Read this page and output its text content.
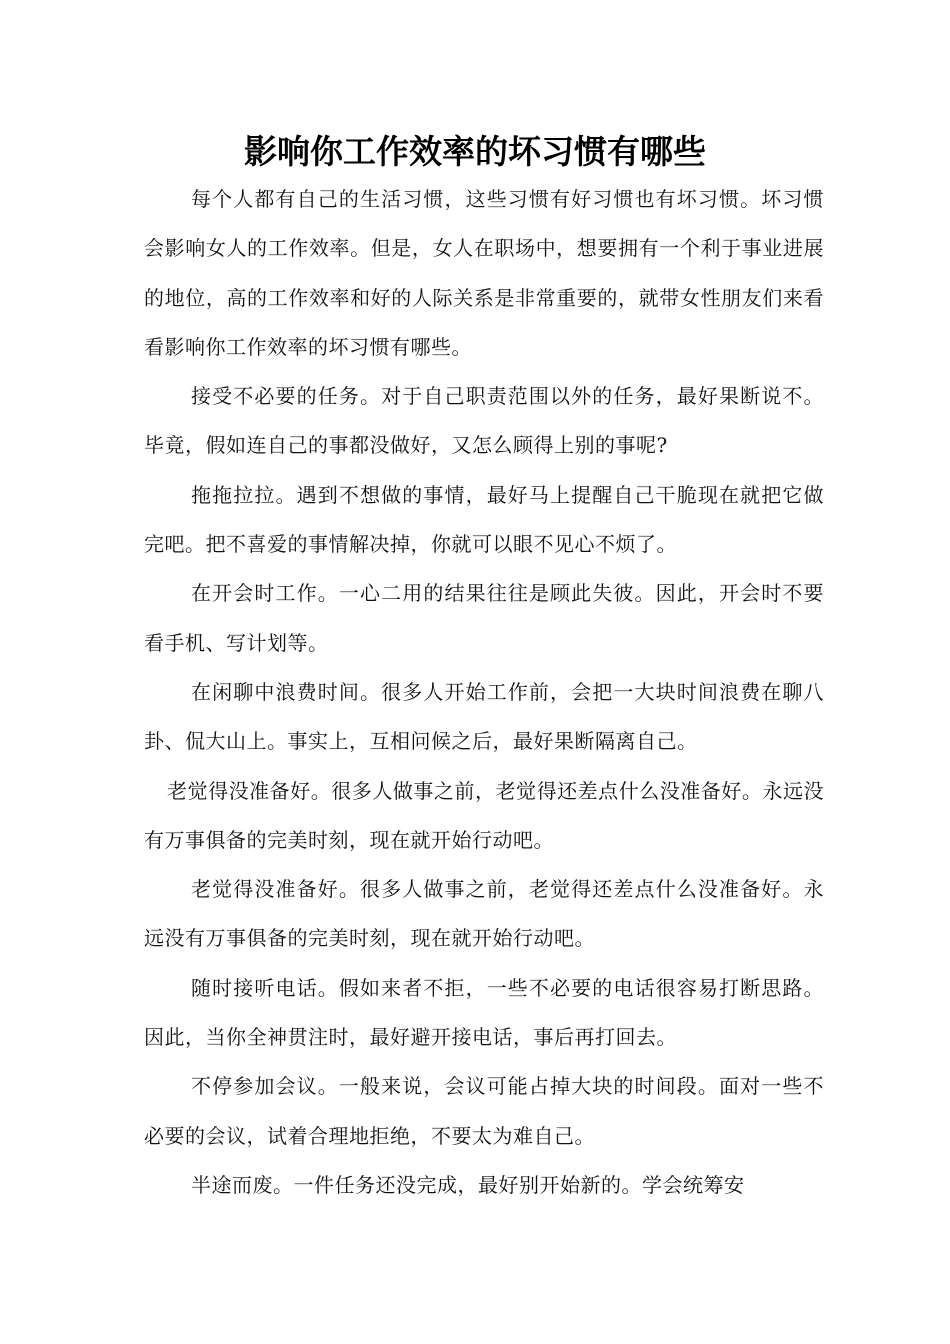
影响你工作效率的坏习惯有哪些

每个人都有自己的生活习惯，这些习惯有好习惯也有坏习惯。坏习惯会影响女人的工作效率。但是，女人在职场中，想要拥有一个利于事业进展的地位，高的工作效率和好的人际关系是非常重要的，就带女性朋友们来看看影响你工作效率的坏习惯有哪些。

接受不必要的任务。对于自己职责范围以外的任务，最好果断说不。毕竟，假如连自己的事都没做好，又怎么顾得上别的事呢?

拖拖拉拉。遇到不想做的事情，最好马上提醒自己干脆现在就把它做完吧。把不喜爱的事情解决掉，你就可以眼不见心不烦了。

在开会时工作。一心二用的结果往往是顾此失彼。因此，开会时不要看手机、写计划等。

在闲聊中浪费时间。很多人开始工作前，会把一大块时间浪费在聊八卦、侃大山上。事实上，互相问候之后，最好果断隔离自己。

老觉得没准备好。很多人做事之前，老觉得还差点什么没准备好。永远没有万事俱备的完美时刻，现在就开始行动吧。

老觉得没准备好。很多人做事之前，老觉得还差点什么没准备好。永远没有万事俱备的完美时刻，现在就开始行动吧。

随时接听电话。假如来者不拒，一些不必要的电话很容易打断思路。因此，当你全神贯注时，最好避开接电话，事后再打回去。

不停参加会议。一般来说，会议可能占掉大块的时间段。面对一些不必要的会议，试着合理地拒绝，不要太为难自己。

半途而废。一件任务还没完成，最好别开始新的。学会统筹安
